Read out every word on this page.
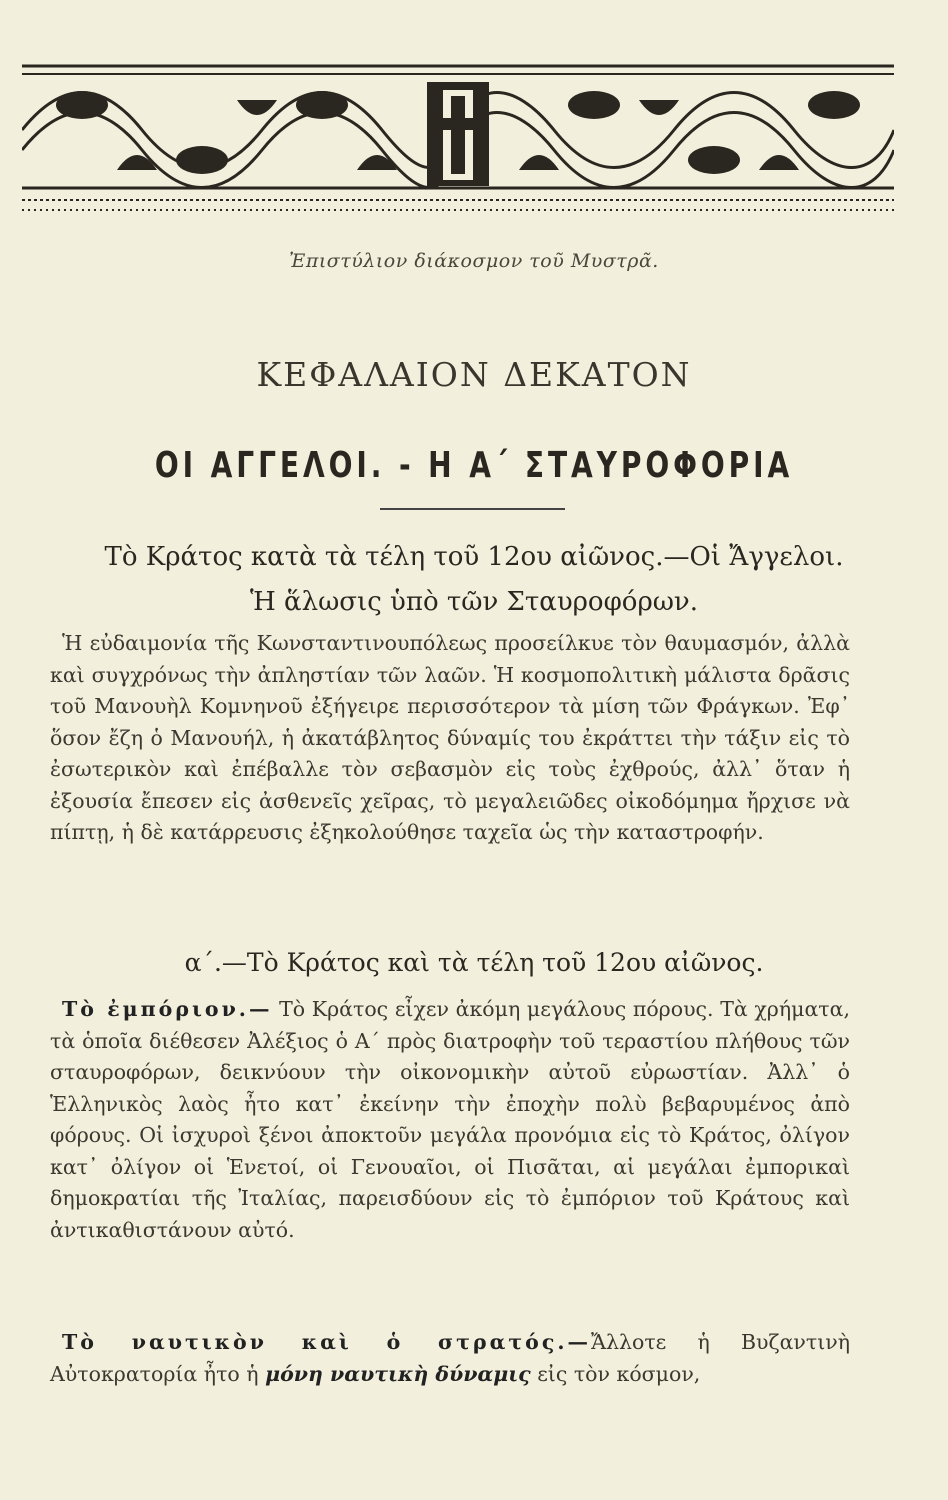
Ἐπιστύλιον διάκοσμον τοῦ Μυστρᾶ.
ΚΕΦΑΛΑΙΟΝ ΔΕΚΑΤΟΝ
ΟΙ ΑΓΓΕΛΟΙ. - Η Α΄ ΣΤΑΥΡΟΦΟΡΙΑ
Τὸ Κράτος κατὰ τὰ τέλη τοῦ 12ου αἰῶνος.—Οἱ Ἄγγελοι.
Ἡ ἅλωσις ὑπὸ τῶν Σταυροφόρων.
Ἡ εὐδαιμονία τῆς Κωνσταντινουπόλεως προσείλκυε τὸν θαυμασμόν, ἀλλὰ καὶ συγχρόνως τὴν ἀπληστίαν τῶν λαῶν. Ἡ κοσμοπολιτικὴ μάλιστα δρᾶσις τοῦ Μανουὴλ Κομνηνοῦ ἐξήγειρε περισσότερον τὰ μίση τῶν Φράγκων. Ἐφ᾽ ὅσον ἔζη ὁ Μανουήλ, ἡ ἀκατάβλητος δύναμίς του ἐκράττει τὴν τάξιν εἰς τὸ ἐσωτερικὸν καὶ ἐπέβαλλε τὸν σεβασμὸν εἰς τοὺς ἐχθρούς, ἀλλ᾽ ὅταν ἡ ἐξουσία ἔπεσεν εἰς ἀσθενεῖς χεῖρας, τὸ μεγαλειῶδες οἰκοδόμημα ἤρχισε νὰ πίπτῃ, ἡ δὲ κατάρρευσις ἐξηκολούθησε ταχεῖα ὡς τὴν καταστροφήν.
α΄.—Τὸ Κράτος καὶ τὰ τέλη τοῦ 12ου αἰῶνος.
Τὸ ἐμπόριον.— Τὸ Κράτος εἶχεν ἀκόμη μεγάλους πόρους. Τὰ χρήματα, τὰ ὁποῖα διέθεσεν Ἀλέξιος ὁ Α΄ πρὸς διατροφὴν τοῦ τεραστίου πλήθους τῶν σταυροφόρων, δεικνύουν τὴν οἰκονομικὴν αὐτοῦ εὐρωστίαν. Ἀλλ᾽ ὁ Ἑλληνικὸς λαὸς ἦτο κατ᾽ ἐκείνην τὴν ἐποχὴν πολὺ βεβαρυμένος ἀπὸ φόρους. Οἱ ἰσχυροὶ ξένοι ἀποκτοῦν μεγάλα προνόμια εἰς τὸ Κράτος, ὀλίγον κατ᾽ ὀλίγον οἱ Ἑνετοί, οἱ Γενουαῖοι, οἱ Πισᾶται, αἱ μεγάλαι ἐμπορικαὶ δημοκρατίαι τῆς Ἰταλίας, παρεισδύουν εἰς τὸ ἐμπόριον τοῦ Κράτους καὶ ἀντικαθιστάνουν αὐτό.
Τὸ ναυτικὸν καὶ ὁ στρατός.—Ἄλλοτε ἡ Βυζαντινὴ Αὐτοκρατορία ἦτο ἡ μόνη ναυτικὴ δύναμις εἰς τὸν κόσμον,
